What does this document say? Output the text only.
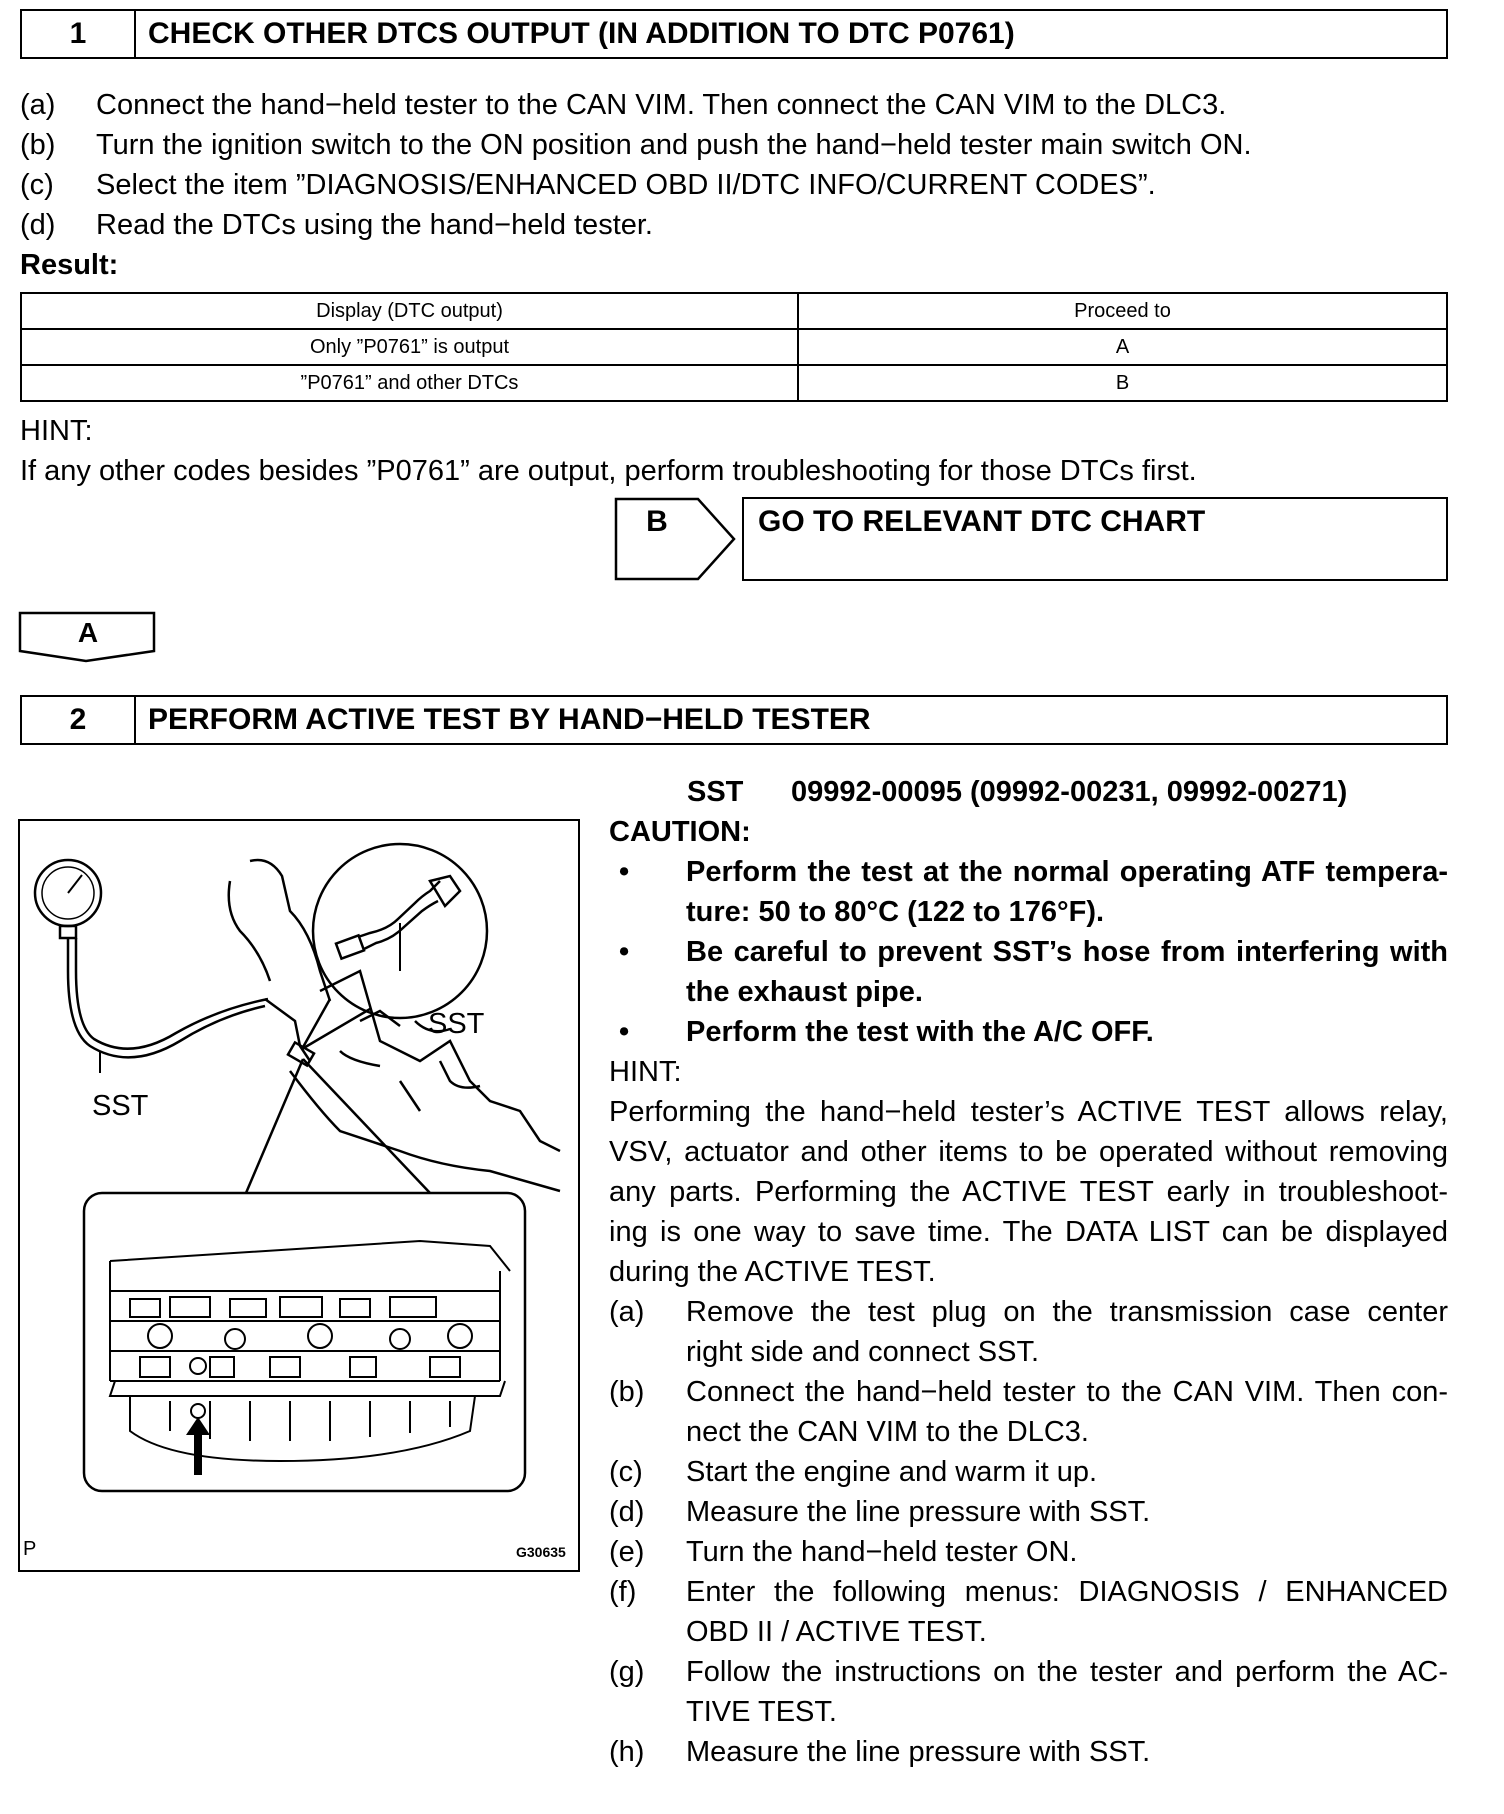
1	CHECK OTHER DTCS OUTPUT (IN ADDITION TO DTC P0761)
(a) Connect the hand−held tester to the CAN VIM. Then connect the CAN VIM to the DLC3.
(b) Turn the ignition switch to the ON position and push the hand−held tester main switch ON.
(c) Select the item ”DIAGNOSIS/ENHANCED OBD II/DTC INFO/CURRENT CODES”.
(d) Read the DTCs using the hand−held tester.
Result:
Display (DTC output)	Proceed to
Only ”P0761” is output	A
”P0761” and other DTCs	B
HINT:
If any other codes besides ”P0761” are output, perform troubleshooting for those DTCs first.
B	GO TO RELEVANT DTC CHART
A
2	PERFORM ACTIVE TEST BY HAND−HELD TESTER
SST
SST
P	G30635
SST 09992-00095 (09992-00231, 09992-00271)
CAUTION:
• Perform the test at the normal operating ATF tempera-
ture: 50 to 80°C (122 to 176°F).
• Be careful to prevent SST’s hose from interfering with
the exhaust pipe.
• Perform the test with the A/C OFF.
HINT:
Performing the hand−held tester’s ACTIVE TEST allows relay,
VSV, actuator and other items to be operated without removing
any parts. Performing the ACTIVE TEST early in troubleshoot-
ing is one way to save time. The DATA LIST can be displayed
during the ACTIVE TEST.
(a) Remove the test plug on the transmission case center
right side and connect SST.
(b) Connect the hand−held tester to the CAN VIM. Then con-
nect the CAN VIM to the DLC3.
(c) Start the engine and warm it up.
(d) Measure the line pressure with SST.
(e) Turn the hand−held tester ON.
(f) Enter the following menus: DIAGNOSIS / ENHANCED
OBD II / ACTIVE TEST.
(g) Follow the instructions on the tester and perform the AC-
TIVE TEST.
(h) Measure the line pressure with SST.
